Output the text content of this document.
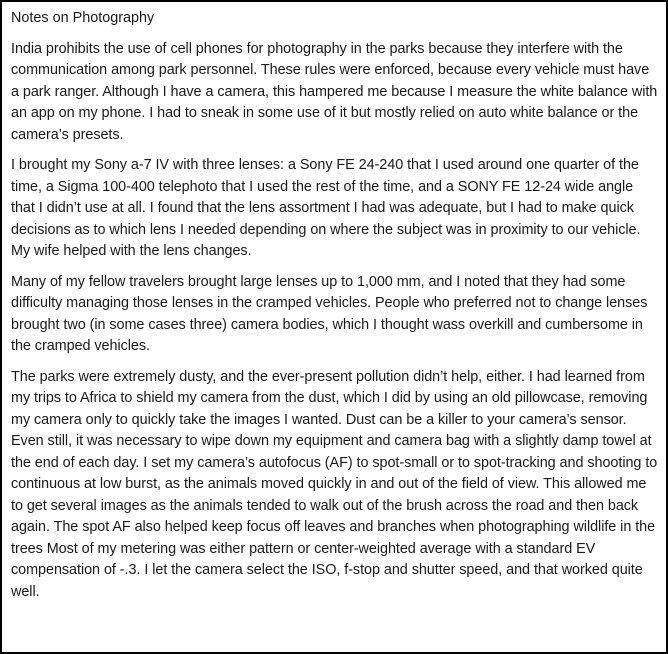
Notes on Photography

India prohibits the use of cell phones for photography in the parks because they interfere with the communication among park personnel. These rules were enforced, because every vehicle must have a park ranger. Although I have a camera, this hampered me because I measure the white balance with an app on my phone. I had to sneak in some use of it but mostly relied on auto white balance or the camera’s presets.

I brought my Sony a-7 IV with three lenses: a Sony FE 24-240 that I used around one quarter of the time, a Sigma 100-400 telephoto that I used the rest of the time, and a SONY FE 12-24 wide angle that I didn’t use at all. I found that the lens assortment I had was adequate, but I had to make quick decisions as to which lens I needed depending on where the subject was in proximity to our vehicle. My wife helped with the lens changes.

Many of my fellow travelers brought large lenses up to 1,000 mm, and I noted that they had some difficulty managing those lenses in the cramped vehicles. People who preferred not to change lenses brought two (in some cases three) camera bodies, which I thought wass overkill and cumbersome in the cramped vehicles.

The parks were extremely dusty, and the ever-present pollution didn’t help, either. I had learned from my trips to Africa to shield my camera from the dust, which I did by using an old pillowcase, removing my camera only to quickly take the images I wanted. Dust can be a killer to your camera’s sensor. Even still, it was necessary to wipe down my equipment and camera bag with a slightly damp towel at the end of each day. I set my camera’s autofocus (AF) to spot-small or to spot-tracking and shooting to continuous at low burst, as the animals moved quickly in and out of the field of view. This allowed me to get several images as the animals tended to walk out of the brush across the road and then back again. The spot AF also helped keep focus off leaves and branches when photographing wildlife in the trees Most of my metering was either pattern or center-weighted average with a standard EV compensation of -.3. I let the camera select the ISO, f-stop and shutter speed, and that worked quite well.
